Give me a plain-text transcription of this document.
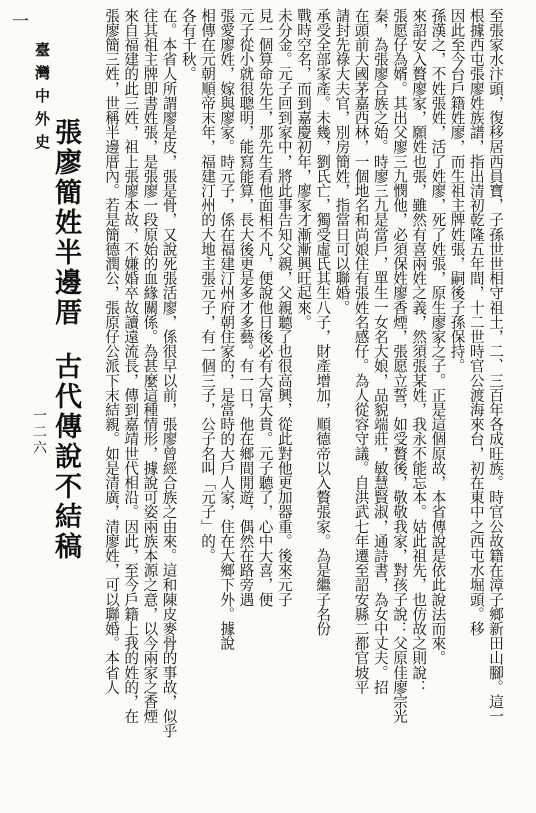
一
臺灣中外史
一二六
張廖簡姓半邊厝
古代傳說不結稿 張廖簡三姓，世稱半邊厝內。若是簡德潤公，張原仔公派下末結親。如是清廣，清廖姓，可以聯婚。本省人 來自福建的此三姓，祖上張廖本故，不嫌婚卒故讀遠流長，傳到嘉靖世代相沿。因此，至今戶籍上我的姓的，在 往其祖主牌即書姓張，是張廖一段原始的血緣關係。為甚麼這種情形，據說可姿兩族本源之意，以今兩家之香煙 在。本省人所謂廖是皮，張是骨，又說死張活廖，係很早以前，張廖曾經合族之由來。這和陳皮麥骨的事故，似乎 各有千秋。 相傳在元朝順帝末年，福建汀州的大地主張元子，有一個三子，公子名叫「元子」的。 張愛廖姓，嫁與廖家。時元子，係在福建汀州府朝住家的，是當時的大戶人家，住在大鄉下外。據說 元子從小就很聰明，能寫能算，長大後更是多才多藝。有一日，他在鄉間閒遊，偶然在路旁遇 見一個算命先生，那先生看他面相不凡，便說他日後必有大富大貴。元子聽了，心中大喜，便 未分金。元子回到家中，將此事告知父親，父親聽了也很高興，從此對他更加器重。後來元子 戰時空名，而到嘉慶初年，廖家才漸漸興旺起來。 承受全部家產。未幾，劉氏亡，獨受虛氏其生八子，財產增加，順德帝以入贅張家。為是繼子名份 請封先祿大夫官，別房簡姓，指當日可以聯婚。 在頭前大國茅嘉西林，一個地名和尚娘住有張姓名感仔。為人從容守議。自洪武七年遷至詔安縣二都官坡平 秦，為張廖合族之始。時廖三九是當戶，單生一女名大娘，品貌端莊，敏慧賢淑，通詩書，為女中丈夫。招 張愿仔為婿。其出父廖三九憫他，必須保姓廖香煙，張愿立誓，如受贅後，敬敬我家，對孩子說：父原佳廖宗光 來詔安入贅廖家，願姓也張，雖然有喜兩姓之義，然須張某姓，我永不能忘本。姑此祖先，也仿故之則說： 孫漢之，不姓張姓，活了姓廖，死了姓張，原生廖家之子。正是這個原故，本省傳說是依此說法而來。 因此至今台戶籍姓廖，而生祖主牌姓張，嗣後子孫保持。 根據西屯張廖姓族譜，指出清初乾隆五年間，十二世時官公渡海來台，初在東中之西屯水堀頭。移 至張家水汴頭，復移居西員寶，子孫世世相守祖土，二、三百年各成旺族。時官公故籍在漳子鄉新田山腳。這一
